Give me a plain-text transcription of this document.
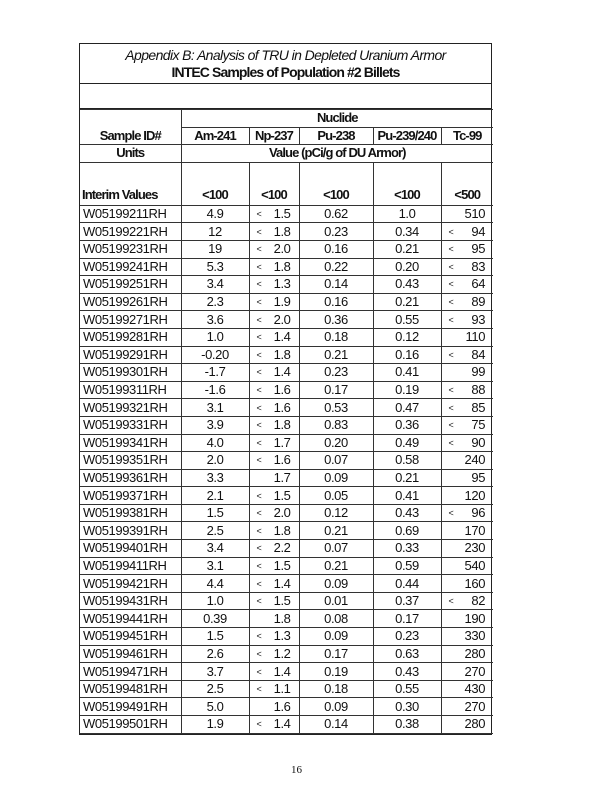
Appendix B: Analysis of TRU in Depleted Uranium Armor
INTEC Samples of Population #2 Billets
	Nuclide				
Sample ID#	Am-241	Np-237	Pu-238	Pu-239/240	Tc-99
Units	Value (pCi/g of DU Armor)				
Interim Values	<100	<100	<100	<100	<500
W05199211RH	4.9	< 1.5	0.62	1.0	510
W05199221RH	12	< 1.8	0.23	0.34	< 94
W05199231RH	19	< 2.0	0.16	0.21	< 95
W05199241RH	5.3	< 1.8	0.22	0.20	< 83
W05199251RH	3.4	< 1.3	0.14	0.43	< 64
W05199261RH	2.3	< 1.9	0.16	0.21	< 89
W05199271RH	3.6	< 2.0	0.36	0.55	< 93
W05199281RH	1.0	< 1.4	0.18	0.12	110
W05199291RH	-0.20	< 1.8	0.21	0.16	< 84
W05199301RH	-1.7	< 1.4	0.23	0.41	99
W05199311RH	-1.6	< 1.6	0.17	0.19	< 88
W05199321RH	3.1	< 1.6	0.53	0.47	< 85
W05199331RH	3.9	< 1.8	0.83	0.36	< 75
W05199341RH	4.0	< 1.7	0.20	0.49	< 90
W05199351RH	2.0	< 1.6	0.07	0.58	240
W05199361RH	3.3	1.7	0.09	0.21	95
W05199371RH	2.1	< 1.5	0.05	0.41	120
W05199381RH	1.5	< 2.0	0.12	0.43	< 96
W05199391RH	2.5	< 1.8	0.21	0.69	170
W05199401RH	3.4	< 2.2	0.07	0.33	230
W05199411RH	3.1	< 1.5	0.21	0.59	540
W05199421RH	4.4	< 1.4	0.09	0.44	160
W05199431RH	1.0	< 1.5	0.01	0.37	< 82
W05199441RH	0.39	1.8	0.08	0.17	190
W05199451RH	1.5	< 1.3	0.09	0.23	330
W05199461RH	2.6	< 1.2	0.17	0.63	280
W05199471RH	3.7	< 1.4	0.19	0.43	270
W05199481RH	2.5	< 1.1	0.18	0.55	430
W05199491RH	5.0	1.6	0.09	0.30	270
W05199501RH	1.9	< 1.4	0.14	0.38	280
16
